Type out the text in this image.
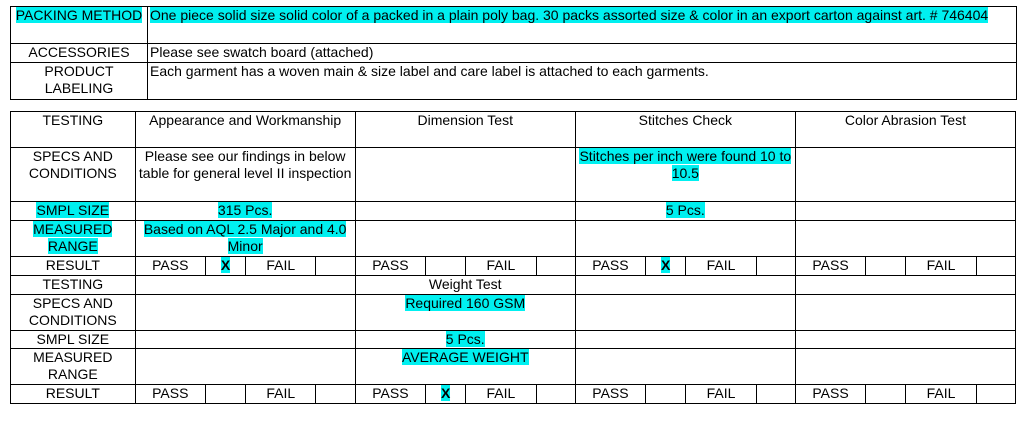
PACKING METHOD	One piece solid size solid color of a packed in a plain poly bag. 30 packs assorted size & color in an export carton against art. # 746404
ACCESSORIES	Please see swatch board (attached)
PRODUCT LABELING	Each garment has a woven main & size label and care label is attached to each garments.
TESTING	Appearance and Workmanship				Dimension Test				Stitches Check				Color Abrasion Test			
SPECS AND CONDITIONS	Please see our findings in below table for general level II inspection								Stitches per inch were found 10 to 10.5							
SMPL SIZE	315 Pcs.								5 Pcs.							
MEASURED RANGE	Based on AQL 2.5 Major and 4.0 Minor															
RESULT	PASS	X	FAIL		PASS		FAIL		PASS	X	FAIL		PASS		FAIL	
TESTING					Weight Test											
SPECS AND CONDITIONS					Required 160 GSM											
SMPL SIZE					5 Pcs.											
MEASURED RANGE					AVERAGE WEIGHT											
RESULT	PASS		FAIL		PASS	X	FAIL		PASS		FAIL		PASS		FAIL	
